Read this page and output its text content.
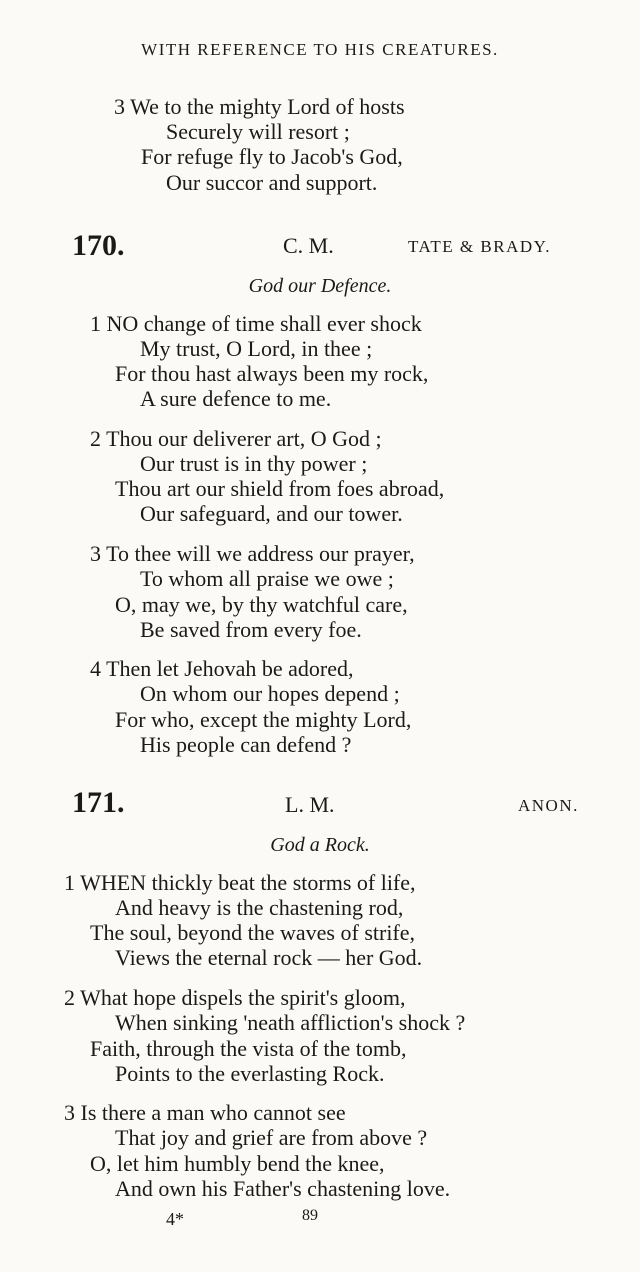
WITH REFERENCE TO HIS CREATURES.
3 We to the mighty Lord of hosts
Securely will resort ;
For refuge fly to Jacob's God,
Our succor and support.
170.	C. M.	TATE & BRADY.
God our Defence.
1 NO change of time shall ever shock
My trust, O Lord, in thee ;
For thou hast always been my rock,
A sure defence to me.
2 Thou our deliverer art, O God ;
Our trust is in thy power ;
Thou art our shield from foes abroad,
Our safeguard, and our tower.
3 To thee will we address our prayer,
To whom all praise we owe ;
O, may we, by thy watchful care,
Be saved from every foe.
4 Then let Jehovah be adored,
On whom our hopes depend ;
For who, except the mighty Lord,
His people can defend ?
171.	L. M.	ANON.
God a Rock.
1 WHEN thickly beat the storms of life,
And heavy is the chastening rod,
The soul, beyond the waves of strife,
Views the eternal rock — her God.
2 What hope dispels the spirit's gloom,
When sinking 'neath affliction's shock ?
Faith, through the vista of the tomb,
Points to the everlasting Rock.
3 Is there a man who cannot see
That joy and grief are from above ?
O, let him humbly bend the knee,
And own his Father's chastening love.
4*	89
